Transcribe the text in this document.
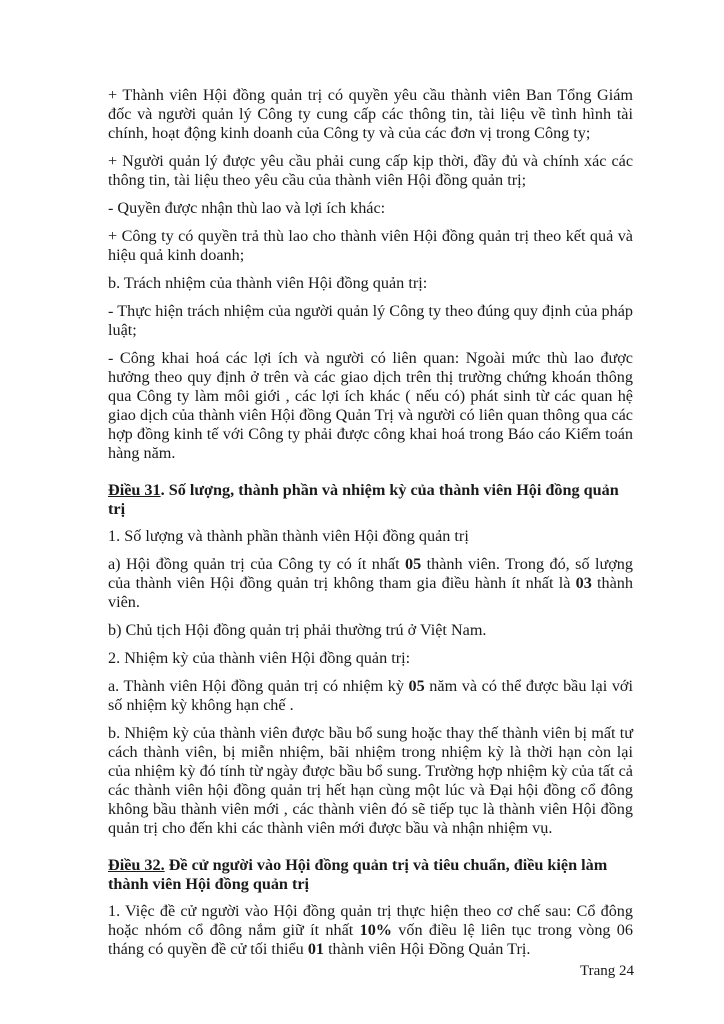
+ Thành viên Hội đồng quản trị có quyền yêu cầu thành viên Ban Tổng Giám đốc và người quản lý Công ty cung cấp các thông tin, tài liệu về tình hình tài chính, hoạt động kinh doanh của Công ty và của các đơn vị trong Công ty;

+ Người quản lý được yêu cầu phải cung cấp kịp thời, đầy đủ và chính xác các thông tin, tài liệu theo yêu cầu của thành viên Hội đồng quản trị;

- Quyền được nhận thù lao và lợi ích khác:

+ Công ty có quyền trả thù lao cho thành viên Hội đồng quản trị theo kết quả và hiệu quả kinh doanh;

b. Trách nhiệm của thành viên Hội đồng quản trị:

- Thực hiện trách nhiệm của người quản lý Công ty theo đúng quy định của pháp luật;

- Công khai hoá các lợi ích và người có liên quan: Ngoài mức thù lao được hưởng theo quy định ở trên và các giao dịch trên thị trường chứng khoán thông qua Công ty làm môi giới , các lợi ích khác ( nếu có) phát sinh từ các quan hệ giao dịch của thành viên Hội đồng Quản Trị và người có liên quan thông qua các hợp đồng kinh tế với Công ty phải được công khai hoá trong Báo cáo Kiểm toán hàng năm.

Điều 31. Số lượng, thành phần và nhiệm kỳ của thành viên Hội đồng quản trị

1. Số lượng và thành phần thành viên Hội đồng quản trị

a) Hội đồng quản trị của Công ty có ít nhất 05 thành viên. Trong đó, số lượng của thành viên Hội đồng quản trị không tham gia điều hành ít nhất là 03 thành viên.

b) Chủ tịch Hội đồng quản trị phải thường trú ở Việt Nam.

2. Nhiệm kỳ của thành viên Hội đồng quản trị:

a. Thành viên Hội đồng quản trị có nhiệm kỳ 05 năm và có thể được bầu lại với số nhiệm kỳ không hạn chế .

b. Nhiệm kỳ của thành viên được bầu bổ sung hoặc thay thế thành viên bị mất tư cách thành viên, bị miễn nhiệm, bãi nhiệm trong nhiệm kỳ là thời hạn còn lại của nhiệm kỳ đó tính từ ngày được bầu bổ sung. Trường hợp nhiệm kỳ của tất cả các thành viên hội đồng quản trị hết hạn cùng một lúc và Đại hội đồng cổ đông không bầu thành viên mới , các thành viên đó sẽ tiếp tục là thành viên Hội đồng quản trị cho đến khi các thành viên mới được bầu và nhận nhiệm vụ.

Điều 32. Đề cử người vào Hội đồng quản trị và tiêu chuẩn, điều kiện làm thành viên Hội đồng quản trị

1. Việc đề cử người vào Hội đồng quản trị thực hiện theo cơ chế sau: Cổ đông hoặc nhóm cổ đông nắm giữ ít nhất 10% vốn điều lệ liên tục trong vòng 06 tháng có quyền đề cử tối thiểu 01 thành viên Hội Đồng Quản Trị.

Trang 24
